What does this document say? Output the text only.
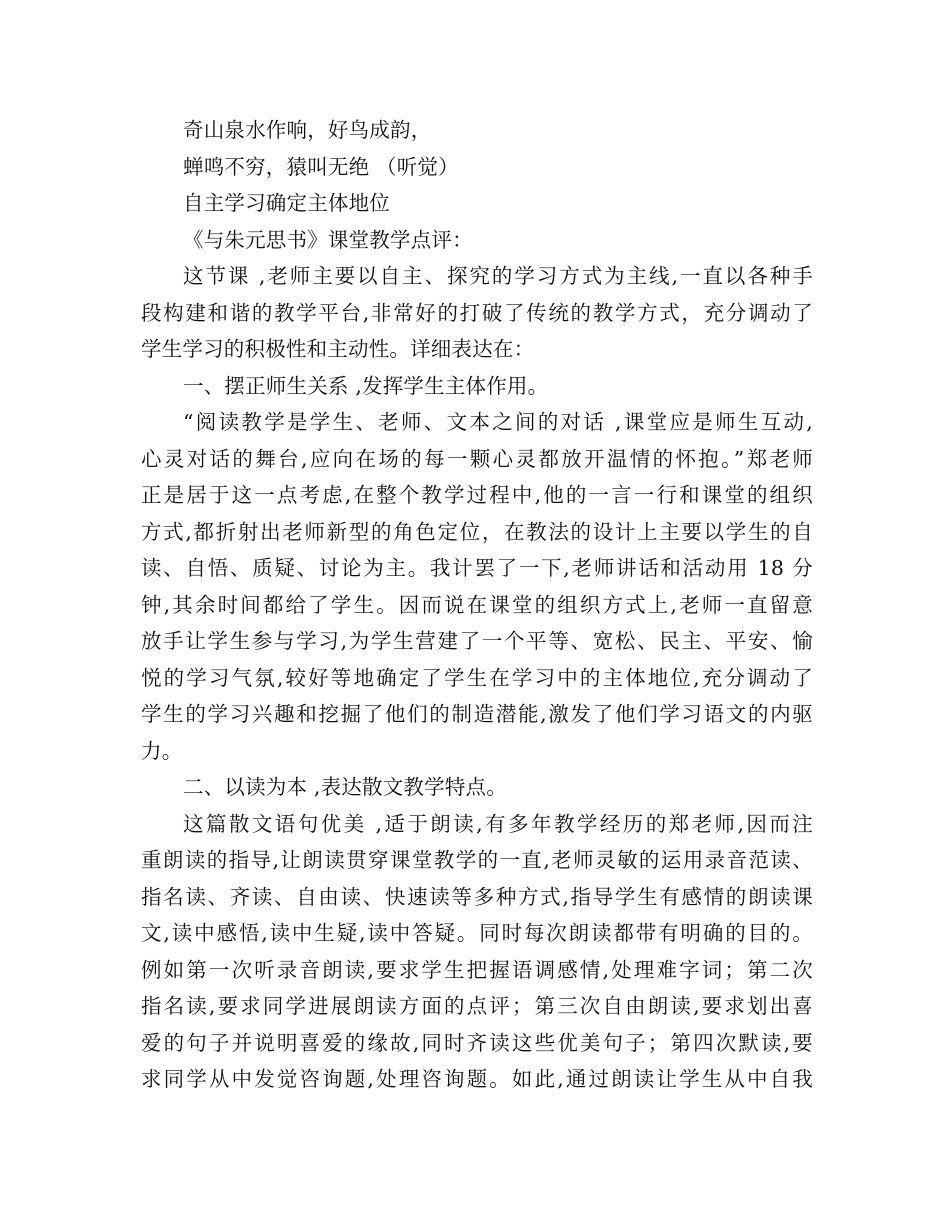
奇山泉水作响，好鸟成韵，
蝉鸣不穷，猿叫无绝 （听觉）
自主学习确定主体地位
《与朱元思书》课堂教学点评：
这节课 ,老师主要以自主、探究的学习方式为主线,一直以各种手
段构建和谐的教学平台,非常好的打破了传统的教学方式，充分调动了
学生学习的积极性和主动性。详细表达在：
一、摆正师生关系 ,发挥学生主体作用。
“阅读教学是学生、老师、文本之间的对话 ,课堂应是师生互动,
心灵对话的舞台,应向在场的每一颗心灵都放开温情的怀抱。”郑老师
正是居于这一点考虑,在整个教学过程中,他的一言一行和课堂的组织
方式,都折射出老师新型的角色定位，在教法的设计上主要以学生的自
读、自悟、质疑、讨论为主。我计罢了一下,老师讲话和活动用 18 分
钟,其余时间都给了学生。因而说在课堂的组织方式上,老师一直留意
放手让学生参与学习,为学生营建了一个平等、宽松、民主、平安、愉
悦的学习气氛,较好等地确定了学生在学习中的主体地位,充分调动了
学生的学习兴趣和挖掘了他们的制造潜能,激发了他们学习语文的内驱
力。
二、以读为本 ,表达散文教学特点。
这篇散文语句优美 ,适于朗读,有多年教学经历的郑老师,因而注
重朗读的指导,让朗读贯穿课堂教学的一直,老师灵敏的运用录音范读、
指名读、齐读、自由读、快速读等多种方式,指导学生有感情的朗读课
文,读中感悟,读中生疑,读中答疑。同时每次朗读都带有明确的目的。
例如第一次听录音朗读,要求学生把握语调感情,处理难字词；第二次
指名读,要求同学进展朗读方面的点评；第三次自由朗读,要求划出喜
爱的句子并说明喜爱的缘故,同时齐读这些优美句子；第四次默读,要
求同学从中发觉咨询题,处理咨询题。如此,通过朗读让学生从中自我
